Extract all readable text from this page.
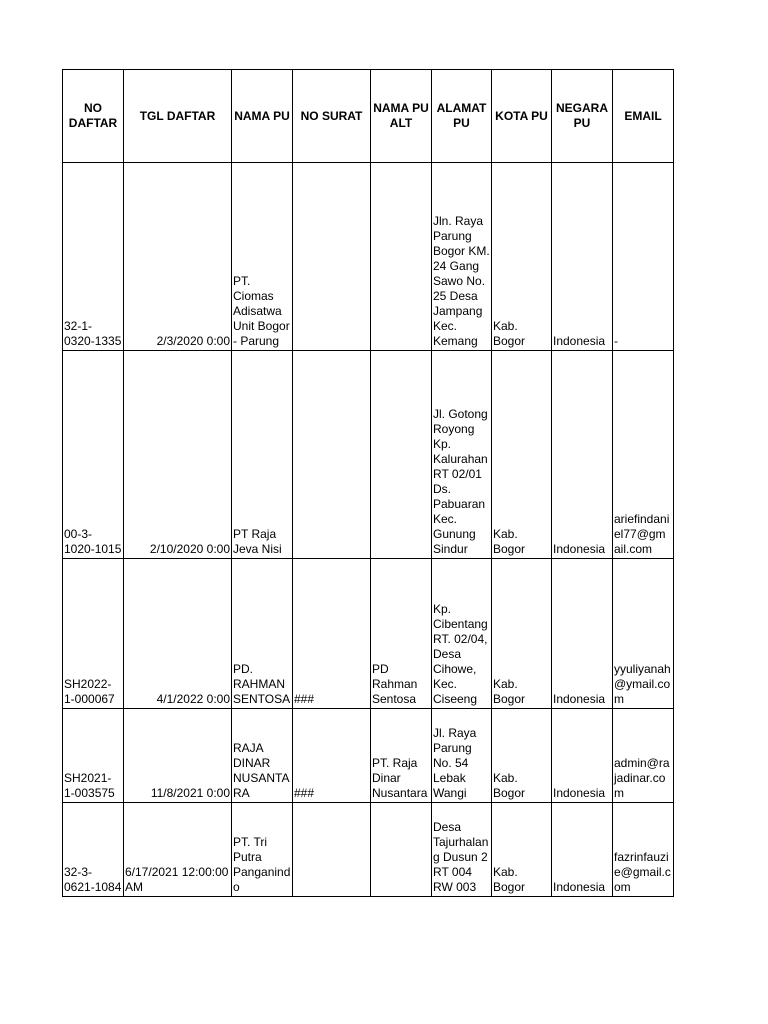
NO DAFTAR	TGL DAFTAR	NAMA PU	NO SURAT	NAMA PU ALT	ALAMAT PU	KOTA PU	NEGARA PU	EMAIL
32-1-0320-1335	2/3/2020 0:00	PT. Ciomas Adisatwa Unit Bogor - Parung			Jln. Raya Parung Bogor KM. 24 Gang Sawo No. 25 Desa Jampang Kec. Kemang	Kab. Bogor	Indonesia	-
00-3-1020-1015	2/10/2020 0:00	PT Raja Jeva Nisi			Jl. Gotong Royong Kp. Kalurahan RT 02/01 Ds. Pabuaran Kec. Gunung Sindur	Kab. Bogor	Indonesia	ariefindaniel77@gmail.com
SH2022-1-000067	4/1/2022 0:00	PD. RAHMAN SENTOSA	###	PD Rahman Sentosa	Kp. Cibentang RT. 02/04, Desa Cihowe, Kec. Ciseeng	Kab. Bogor	Indonesia	yyuliyanah@ymail.com
SH2021-1-003575	11/8/2021 0:00	RAJA DINAR NUSANTARA	###	PT. Raja Dinar Nusantara	Jl. Raya Parung No. 54 Lebak Wangi	Kab. Bogor	Indonesia	admin@rajadinar.com
32-3-0621-1084	6/17/2021 12:00:00 AM	PT. Tri Putra Panganindo			Desa Tajurhalang Dusun 2 RT 004 RW 003	Kab. Bogor	Indonesia	fazrinfauzie@gmail.com
